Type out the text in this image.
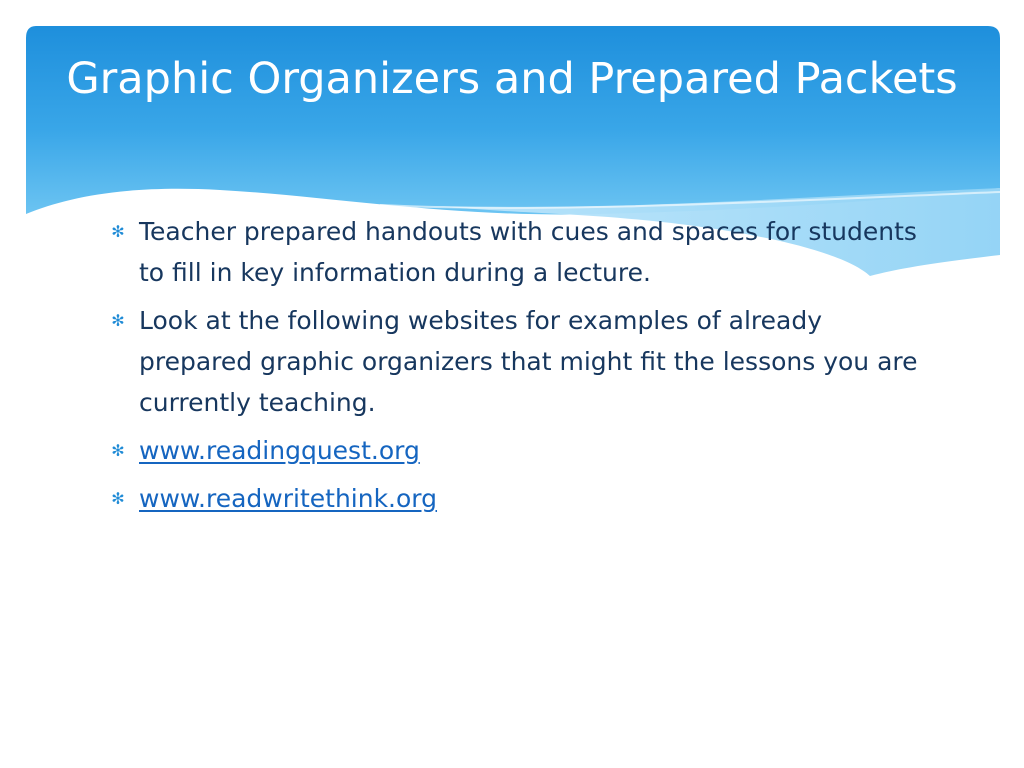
Graphic Organizers and Prepared Packets
✻ Teacher prepared handouts with cues and spaces for students to fill in key information during a lecture.
✻ Look at the following websites for examples of already prepared graphic organizers that might fit the lessons you are currently teaching.
✻ www.readingquest.org
✻ www.readwritethink.org
